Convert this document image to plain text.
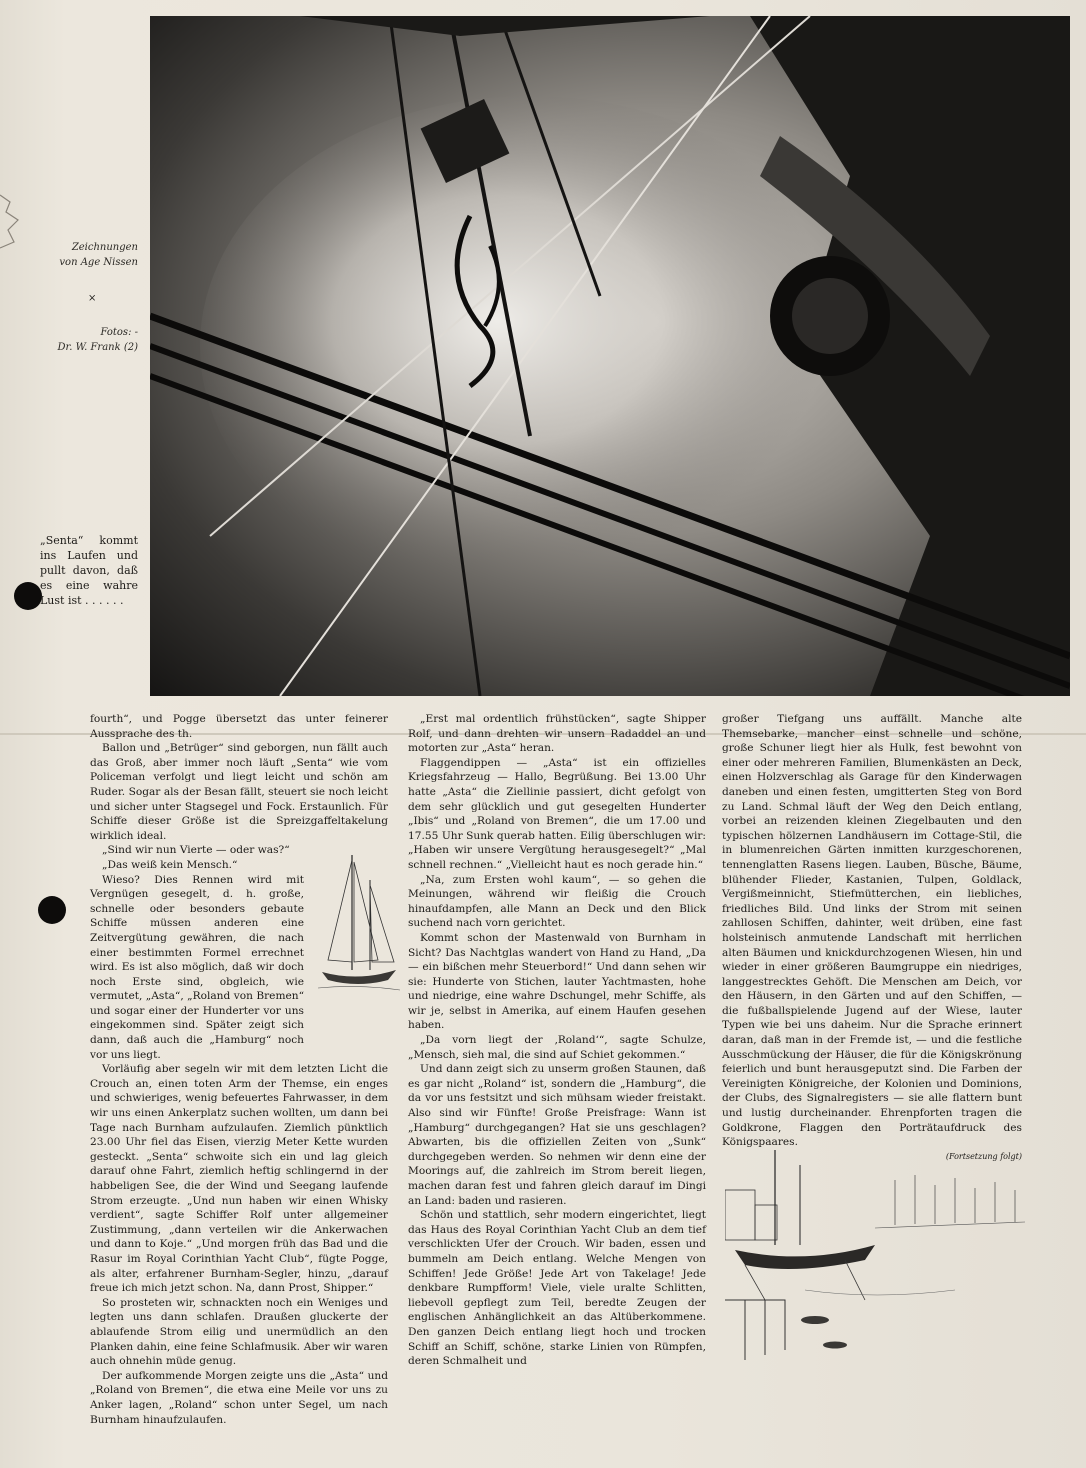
Zeichnungen
von Age Nissen
×
Fotos: -
Dr. W. Frank (2)
„Senta“ kommt ins Laufen und pullt davon, daß es eine wahre Lust ist . . . . . .

fourth“, und Pogge übersetzt das unter feinerer Aussprache des th.

Ballon und „Betrüger“ sind geborgen, nun fällt auch das Groß, aber immer noch läuft „Senta“ wie vom Policeman verfolgt und liegt leicht und schön am Ruder. Sogar als der Besan fällt, steuert sie noch leicht und sicher unter Stagsegel und Fock. Erstaunlich. Für Schiffe dieser Größe ist die Spreizgaffeltakelung wirklich ideal.

„Sind wir nun Vierte — oder was?“

„Das weiß kein Mensch.“

Wieso? Dies Rennen wird mit Vergnügen gesegelt, d. h. große, schnelle oder besonders gebaute Schiffe müssen anderen eine Zeitvergütung gewähren, die nach einer bestimmten Formel errechnet wird. Es ist also möglich, daß wir doch noch Erste sind, obgleich, wie vermutet, „Asta“, „Roland von Bremen“ und sogar einer der Hunderter vor uns eingekommen sind. Später zeigt sich dann, daß auch die „Hamburg“ noch vor uns liegt.

Vorläufig aber segeln wir mit dem letzten Licht die Crouch an, einen toten Arm der Themse, ein enges und schwieriges, wenig befeuertes Fahrwasser, in dem wir uns einen Ankerplatz suchen wollten, um dann bei Tage nach Burnham aufzulaufen. Ziemlich pünktlich 23.00 Uhr fiel das Eisen, vierzig Meter Kette wurden gesteckt. „Senta“ schwoite sich ein und lag gleich darauf ohne Fahrt, ziemlich heftig schlingernd in der habbeligen See, die der Wind und Seegang laufende Strom erzeugte. „Und nun haben wir einen Whisky verdient“, sagte Schiffer Rolf unter allgemeiner Zustimmung, „dann verteilen wir die Ankerwachen und dann to Koje.“ „Und morgen früh das Bad und die Rasur im Royal Corinthian Yacht Club“, fügte Pogge, als alter, erfahrener Burnham-Segler, hinzu, „darauf freue ich mich jetzt schon. Na, dann Prost, Shipper.“

So prosteten wir, schnackten noch ein Weniges und legten uns dann schlafen. Draußen gluckerte der ablaufende Strom eilig und unermüdlich an den Planken dahin, eine feine Schlafmusik. Aber wir waren auch ohnehin müde genug.

Der aufkommende Morgen zeigte uns die „Asta“ und „Roland von Bremen“, die etwa eine Meile vor uns zu Anker lagen, „Roland“ schon unter Segel, um nach Burnham hinaufzulaufen.

„Erst mal ordentlich frühstücken“, sagte Shipper Rolf, und dann drehten wir unsern Radaddel an und motorten zur „Asta“ heran.

Flaggendippen — „Asta“ ist ein offizielles Kriegsfahrzeug — Hallo, Begrüßung. Bei 13.00 Uhr hatte „Asta“ die Ziellinie passiert, dicht gefolgt von dem sehr glücklich und gut gesegelten Hunderter „Ibis“ und „Roland von Bremen“, die um 17.00 und 17.55 Uhr Sunk querab hatten. Eilig überschlugen wir: „Haben wir unsere Vergütung herausgesegelt?“ „Mal schnell rechnen.“ „Vielleicht haut es noch gerade hin.“

„Na, zum Ersten wohl kaum“, — so gehen die Meinungen, während wir fleißig die Crouch hinaufdampfen, alle Mann an Deck und den Blick suchend nach vorn gerichtet.

Kommt schon der Mastenwald von Burnham in Sicht? Das Nachtglas wandert von Hand zu Hand, „Da — ein bißchen mehr Steuerbord!“ Und dann sehen wir sie: Hunderte von Stichen, lauter Yachtmasten, hohe und niedrige, eine wahre Dschungel, mehr Schiffe, als wir je, selbst in Amerika, auf einem Haufen gesehen haben.

„Da vorn liegt der ‚Roland‘“, sagte Schulze, „Mensch, sieh mal, die sind auf Schiet gekommen.“

Und dann zeigt sich zu unserm großen Staunen, daß es gar nicht „Roland“ ist, sondern die „Hamburg“, die da vor uns festsitzt und sich mühsam wieder freistakt. Also sind wir Fünfte! Große Preisfrage: Wann ist „Hamburg“ durchgegangen? Hat sie uns geschlagen? Abwarten, bis die offiziellen Zeiten von „Sunk“ durchgegeben werden. So nehmen wir denn eine der Moorings auf, die zahlreich im Strom bereit liegen, machen daran fest und fahren gleich darauf im Dingi an Land: baden und rasieren.

Schön und stattlich, sehr modern eingerichtet, liegt das Haus des Royal Corinthian Yacht Club an dem tief verschlickten Ufer der Crouch. Wir baden, essen und bummeln am Deich entlang. Welche Mengen von Schiffen! Jede Größe! Jede Art von Takelage! Jede denkbare Rumpfform! Viele, viele uralte Schlitten, liebevoll gepflegt zum Teil, beredte Zeugen der englischen Anhänglichkeit an das Altüberkommene. Den ganzen Deich entlang liegt hoch und trocken Schiff an Schiff, schöne, starke Linien von Rümpfen, deren Schmalheit und

großer Tiefgang uns auffällt. Manche alte Themsebarke, mancher einst schnelle und schöne, große Schuner liegt hier als Hulk, fest bewohnt von einer oder mehreren Familien, Blumenkästen an Deck, einen Holzverschlag als Garage für den Kinderwagen daneben und einen festen, umgitterten Steg von Bord zu Land. Schmal läuft der Weg den Deich entlang, vorbei an reizenden kleinen Ziegelbauten und den typischen hölzernen Landhäusern im Cottage-Stil, die in blumenreichen Gärten inmitten kurzgeschorenen, tennenglatten Rasens liegen. Lauben, Büsche, Bäume, blühender Flieder, Kastanien, Tulpen, Goldlack, Vergißmeinnicht, Stiefmütterchen, ein liebliches, friedliches Bild. Und links der Strom mit seinen zahllosen Schiffen, dahinter, weit drüben, eine fast holsteinisch anmutende Landschaft mit herrlichen alten Bäumen und knickdurchzogenen Wiesen, hin und wieder in einer größeren Baumgruppe ein niedriges, langgestrecktes Gehöft. Die Menschen am Deich, vor den Häusern, in den Gärten und auf den Schiffen, — die fußballspielende Jugend auf der Wiese, lauter Typen wie bei uns daheim. Nur die Sprache erinnert daran, daß man in der Fremde ist, — und die festliche Ausschmückung der Häuser, die für die Königskrönung feierlich und bunt herausgeputzt sind. Die Farben der Vereinigten Königreiche, der Kolonien und Dominions, der Clubs, des Signalregisters — sie alle flattern bunt und lustig durcheinander. Ehrenpforten tragen die Goldkrone, Flaggen den Porträtaufdruck des Königspaares.

(Fortsetzung folgt)
